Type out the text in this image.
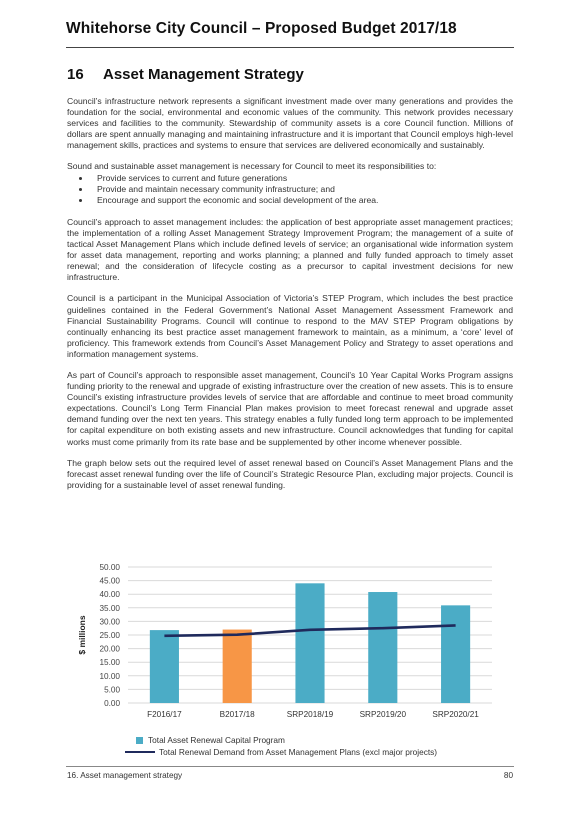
Whitehorse City Council – Proposed Budget 2017/18
16 Asset Management Strategy

Council’s infrastructure network represents a significant investment made over many generations and provides the foundation for the social, environmental and economic values of the community. This network provides necessary services and facilities to the community. Stewardship of community assets is a core Council function. Millions of dollars are spent annually managing and maintaining infrastructure and it is important that Council employs high-level management skills, practices and systems to ensure that services are delivered economically and sustainably.

Sound and sustainable asset management is necessary for Council to meet its responsibilities to:

• Provide services to current and future generations
• Provide and maintain necessary community infrastructure; and
• Encourage and support the economic and social development of the area.

Council’s approach to asset management includes: the application of best appropriate asset management practices; the implementation of a rolling Asset Management Strategy Improvement Program; the management of a suite of tactical Asset Management Plans which include defined levels of service; an organisational wide information system for asset data management, reporting and works planning; a planned and fully funded approach to timely asset renewal; and the consideration of lifecycle costing as a precursor to capital investment decisions for new infrastructure.

Council is a participant in the Municipal Association of Victoria’s STEP Program, which includes the best practice guidelines contained in the Federal Government’s National Asset Management Assessment Framework and Financial Sustainability Programs. Council will continue to respond to the MAV STEP Program obligations by continually enhancing its best practice asset management framework to maintain, as a minimum, a ‘core’ level of proficiency. This framework extends from Council’s Asset Management Policy and Strategy to asset operations and information management systems.

As part of Council’s approach to responsible asset management, Council’s 10 Year Capital Works Program assigns funding priority to the renewal and upgrade of existing infrastructure over the creation of new assets. This is to ensure Council’s existing infrastructure provides levels of service that are affordable and continue to meet broad community expectations. Council’s Long Term Financial Plan makes provision to meet forecast renewal and upgrade asset demand funding over the next ten years. This strategy enables a fully funded long term approach to be implemented for capital expenditure on both existing assets and new infrastructure. Council acknowledges that funding for capital works must come primarily from its rate base and be supplemented by other income whenever possible.

The graph below sets out the required level of asset renewal based on Council’s Asset Management Plans and the forecast asset renewal funding over the life of Council’s Strategic Resource Plan, excluding major projects. Council is providing for a sustainable level of asset renewal funding.

0.00
5.00
10.00
15.00
20.00
25.00
30.00
35.00
40.00
45.00
50.00
$ millions
F2016/17	B2017/18	SRP2018/19	SRP2019/20	SRP2020/21
Total Asset Renewal Capital Program
Total Renewal Demand from Asset Management Plans (excl major projects)
16. Asset management strategy	80
